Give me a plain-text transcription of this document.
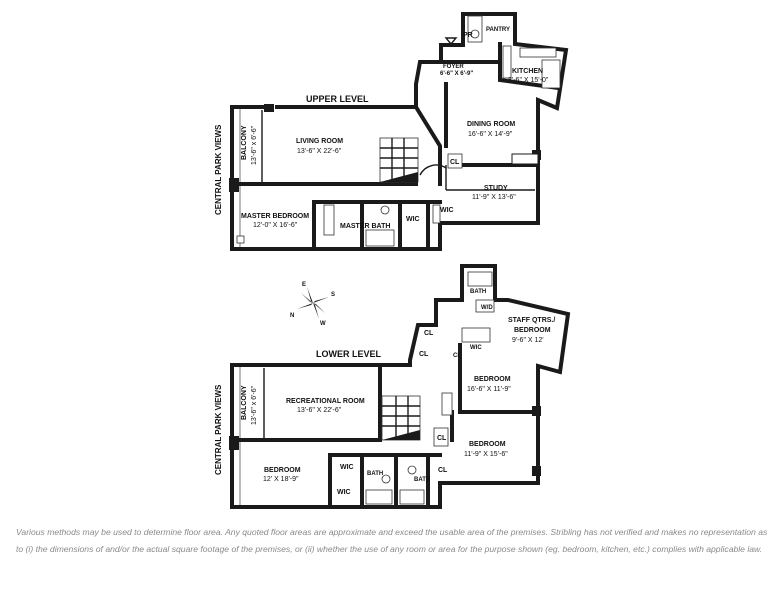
UPPER LEVEL
CENTRAL PARK VIEWS	BALCONY 13'-6" x 6'-6"	LIVING ROOM
13'-6" X 22'-6"
DINING ROOM
16'-6" X 14'-9"
KITCHEN
8'-6" X 15'-0"
FOYER
6'-6" X 6'-9"
PR
PANTRY
STUDY
11'-9" X 13'-6"
MASTER BEDROOM
12'-0" X 16'-6"	MASTER BATH
WIC
WIC
CL
E
S
W
N
LOWER LEVEL
CENTRAL PARK VIEWS	BALCONY 13'-6" x 6'-6"	RECREATIONAL ROOM
13'-6" X 22'-6"
STAFF QTRS./
BEDROOM
9'-6" X 12'
BATH
W/D
BEDROOM
16'-6" X 11'-9"
BEDROOM
11'-9" X 15'-6"
BEDROOM
12' X 18'-9"
WIC
WIC
WIC
BATH
BATH
CL
CL	CL
CL
CL

Various methods may be used to determine floor area. Any quoted floor areas are approximate and exceed the usable area of the premises. Stribling has not verified and makes no representation as to (i) the dimensions of and/or the actual square footage of the premises, or (ii) whether the use of any room or area for the purpose shown (eg. bedroom, kitchen, etc.) complies with applicable law.
